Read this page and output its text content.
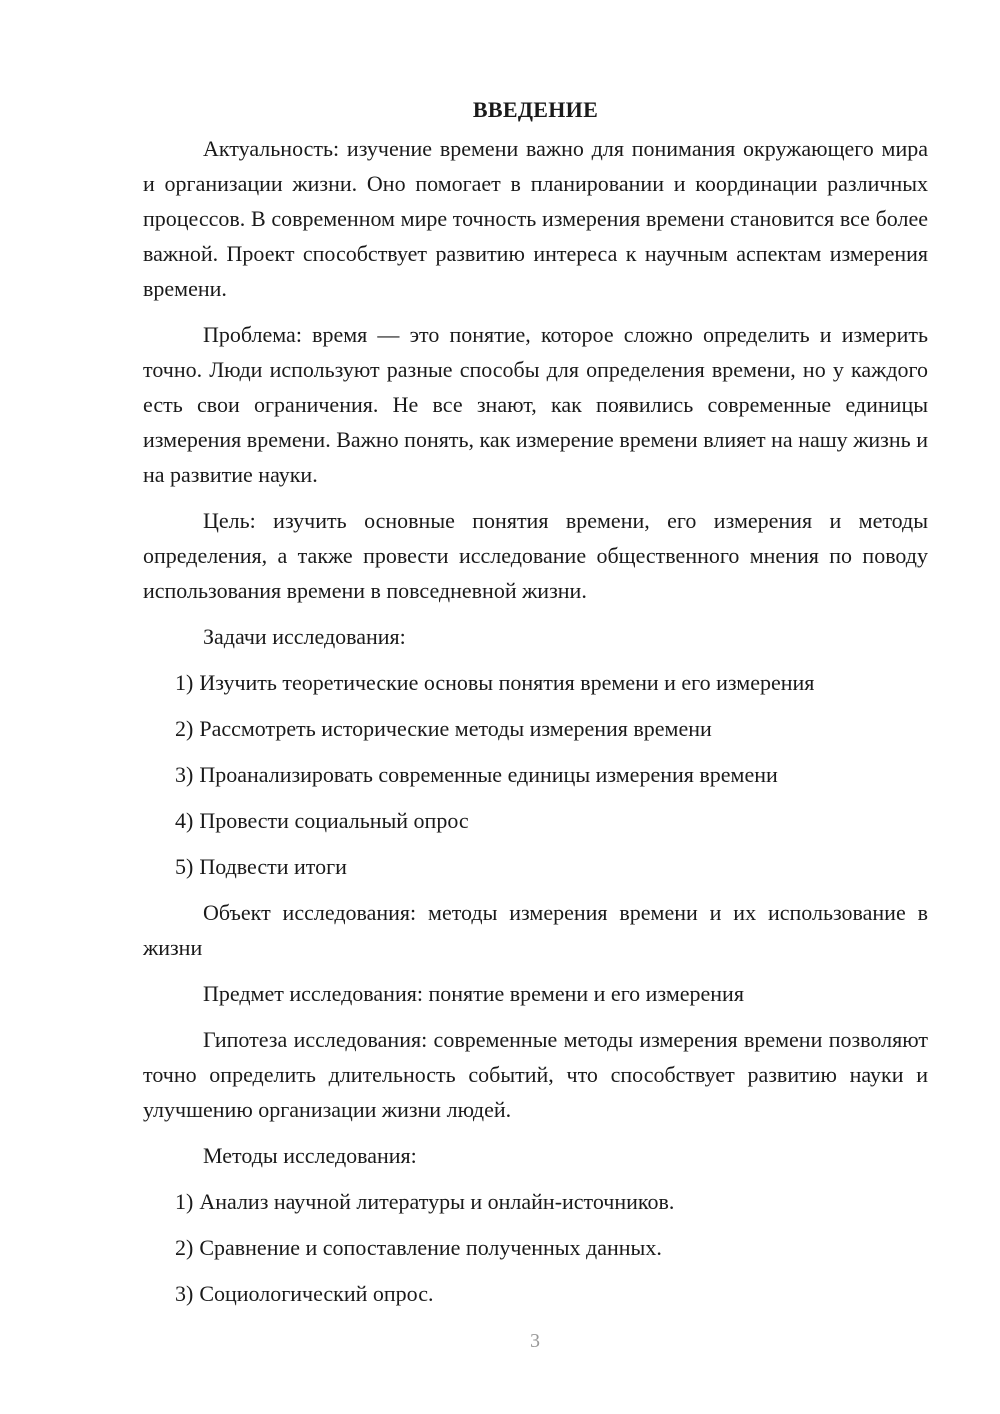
ВВЕДЕНИЕ

Актуальность: изучение времени важно для понимания окружающего мира и организации жизни. Оно помогает в планировании и координации различных процессов. В современном мире точность измерения времени становится все более важной. Проект способствует развитию интереса к научным аспектам измерения времени.

Проблема: время — это понятие, которое сложно определить и измерить точно. Люди используют разные способы для определения времени, но у каждого есть свои ограничения. Не все знают, как появились современные единицы измерения времени. Важно понять, как измерение времени влияет на нашу жизнь и на развитие науки.

Цель: изучить основные понятия времени, его измерения и методы определения, а также провести исследование общественного мнения по поводу использования времени в повседневной жизни.

Задачи исследования:

1) Изучить теоретические основы понятия времени и его измерения
2) Рассмотреть исторические методы измерения времени
3) Проанализировать современные единицы измерения времени
4) Провести социальный опрос
5) Подвести итоги

Объект исследования: методы измерения времени и их использование в жизни

Предмет исследования: понятие времени и его измерения

Гипотеза исследования: современные методы измерения времени позволяют точно определить длительность событий, что способствует развитию науки и улучшению организации жизни людей.

Методы исследования:

1) Анализ научной литературы и онлайн-источников.
2) Сравнение и сопоставление полученных данных.
3) Социологический опрос.
3
